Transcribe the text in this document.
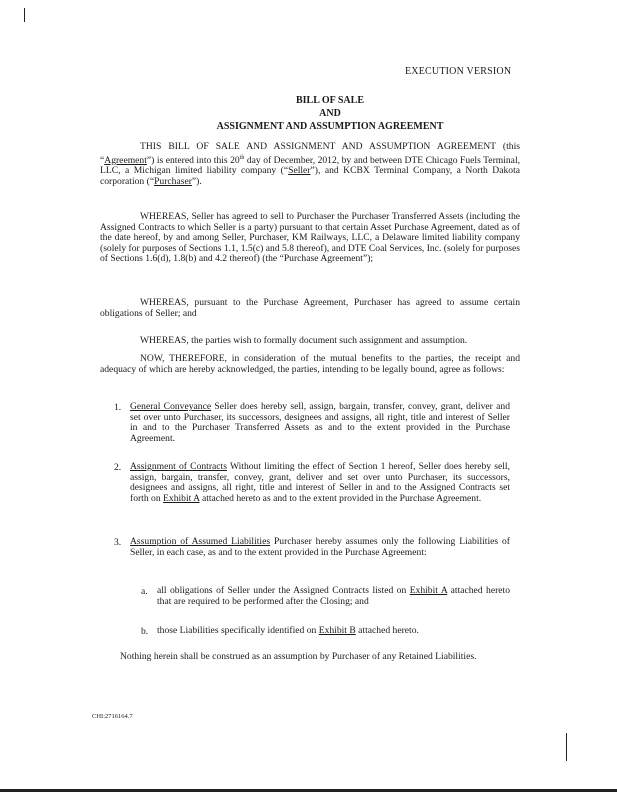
EXECUTION VERSION
BILL OF SALE
AND
ASSIGNMENT AND ASSUMPTION AGREEMENT
THIS BILL OF SALE AND ASSIGNMENT AND ASSUMPTION AGREEMENT (this “Agreement”) is entered into this 20th day of December, 2012, by and between DTE Chicago Fuels Terminal, LLC, a Michigan limited liability company (“Seller”), and KCBX Terminal Company, a North Dakota corporation (“Purchaser”).
WHEREAS, Seller has agreed to sell to Purchaser the Purchaser Transferred Assets (including the Assigned Contracts to which Seller is a party) pursuant to that certain Asset Purchase Agreement, dated as of the date hereof, by and among Seller, Purchaser, KM Railways, LLC, a Delaware limited liability company (solely for purposes of Sections 1.1, 1.5(c) and 5.8 thereof), and DTE Coal Services, Inc. (solely for purposes of Sections 1.6(d), 1.8(b) and 4.2 thereof) (the “Purchase Agreement”);
WHEREAS, pursuant to the Purchase Agreement, Purchaser has agreed to assume certain obligations of Seller; and
WHEREAS, the parties wish to formally document such assignment and assumption.
NOW, THEREFORE, in consideration of the mutual benefits to the parties, the receipt and adequacy of which are hereby acknowledged, the parties, intending to be legally bound, agree as follows:
1. General Conveyance Seller does hereby sell, assign, bargain, transfer, convey, grant, deliver and set over unto Purchaser, its successors, designees and assigns, all right, title and interest of Seller in and to the Purchaser Transferred Assets as and to the extent provided in the Purchase Agreement.
2. Assignment of Contracts Without limiting the effect of Section 1 hereof, Seller does hereby sell, assign, bargain, transfer, convey, grant, deliver and set over unto Purchaser, its successors, designees and assigns, all right, title and interest of Seller in and to the Assigned Contracts set forth on Exhibit A attached hereto as and to the extent provided in the Purchase Agreement.
3. Assumption of Assumed Liabilities Purchaser hereby assumes only the following Liabilities of Seller, in each case, as and to the extent provided in the Purchase Agreement:
a. all obligations of Seller under the Assigned Contracts listed on Exhibit A attached hereto that are required to be performed after the Closing; and
b. those Liabilities specifically identified on Exhibit B attached hereto.
Nothing herein shall be construed as an assumption by Purchaser of any Retained Liabilities.
CHI:2716164.7
